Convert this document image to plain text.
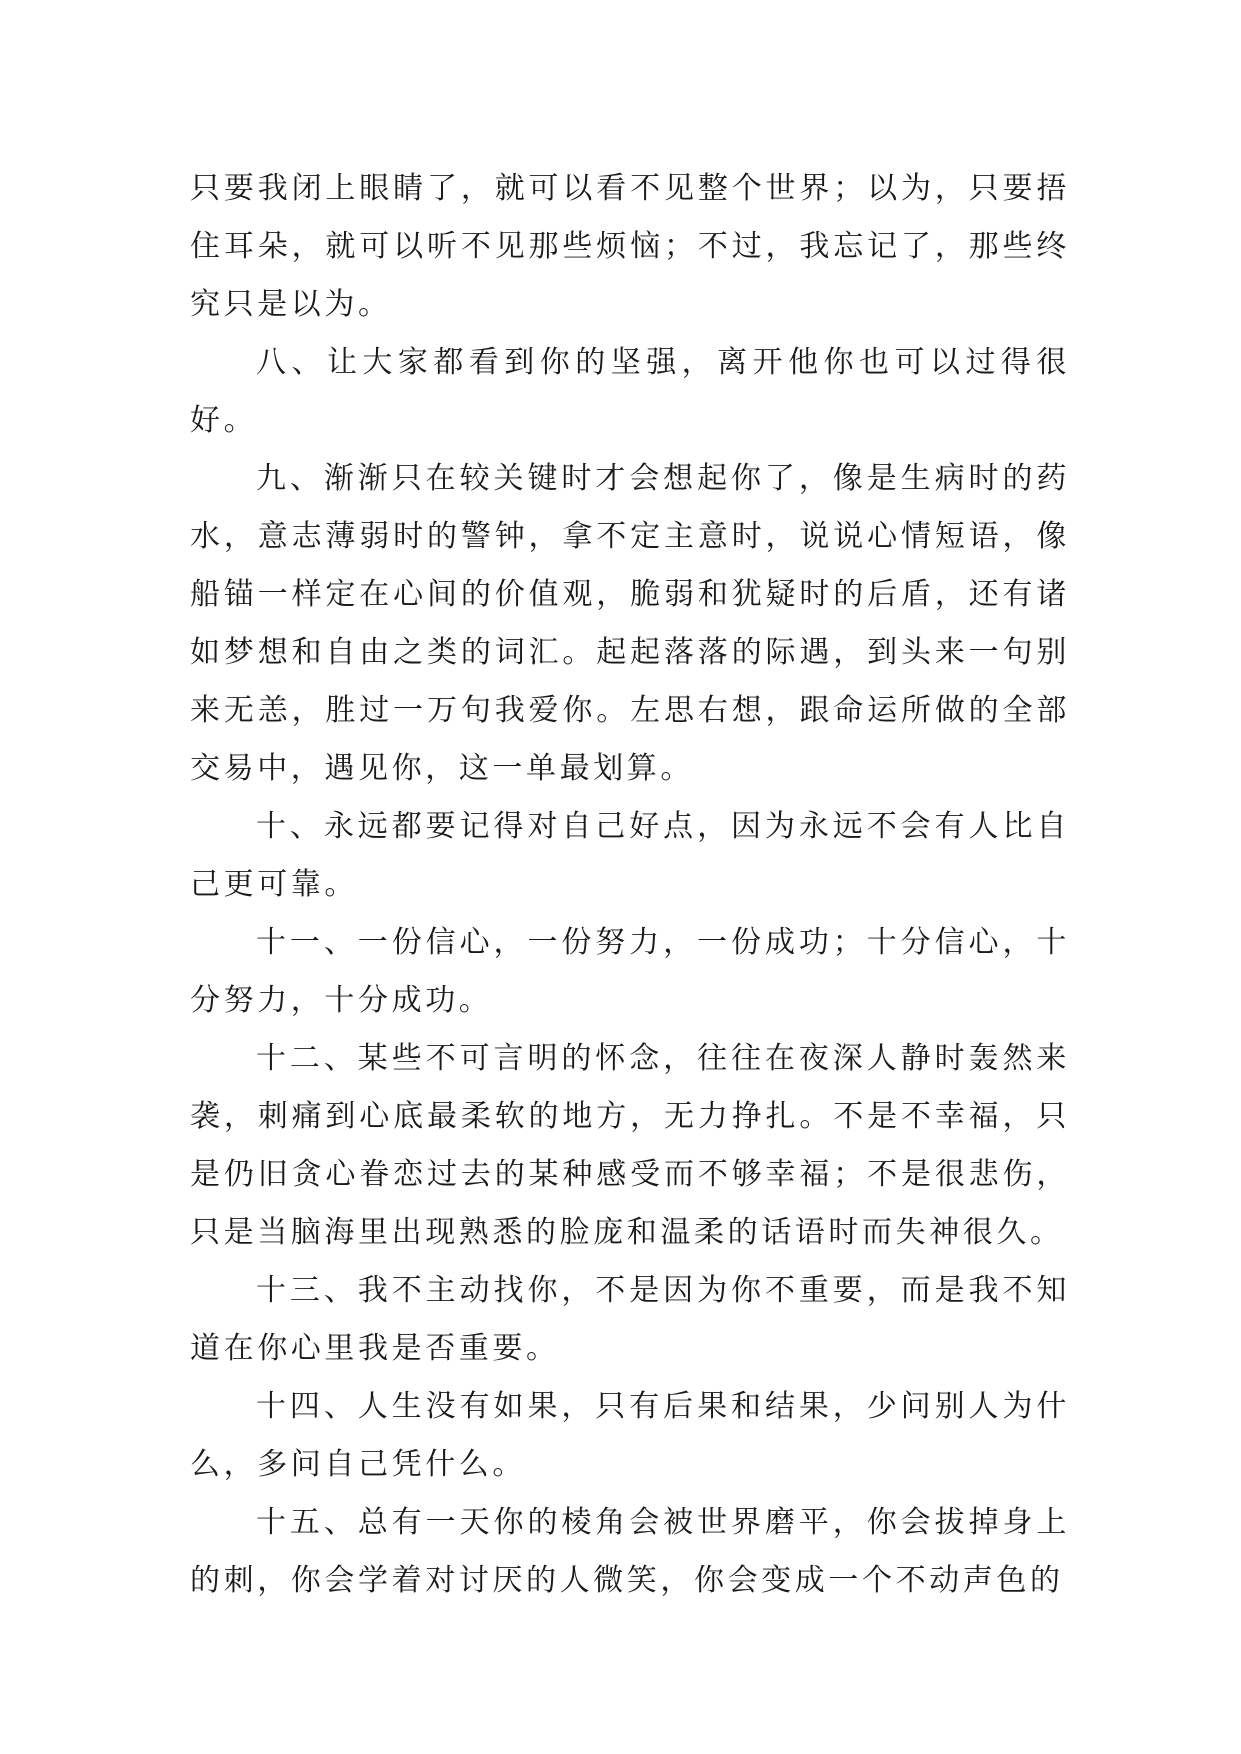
只要我闭上眼睛了，就可以看不见整个世界；以为，只要捂住耳朵，就可以听不见那些烦恼；不过，我忘记了，那些终究只是以为。

八、让大家都看到你的坚强，离开他你也可以过得很好。

九、渐渐只在较关键时才会想起你了，像是生病时的药水，意志薄弱时的警钟，拿不定主意时，说说心情短语，像船锚一样定在心间的价值观，脆弱和犹疑时的后盾，还有诸如梦想和自由之类的词汇。起起落落的际遇，到头来一句别来无恙，胜过一万句我爱你。左思右想，跟命运所做的全部交易中，遇见你，这一单最划算。

十、永远都要记得对自己好点，因为永远不会有人比自己更可靠。

十一、一份信心，一份努力，一份成功；十分信心，十分努力，十分成功。

十二、某些不可言明的怀念，往往在夜深人静时轰然来袭，刺痛到心底最柔软的地方，无力挣扎。不是不幸福，只是仍旧贪心眷恋过去的某种感受而不够幸福；不是很悲伤，只是当脑海里出现熟悉的脸庞和温柔的话语时而失神很久。

十三、我不主动找你，不是因为你不重要，而是我不知道在你心里我是否重要。

十四、人生没有如果，只有后果和结果，少问别人为什么，多问自己凭什么。

十五、总有一天你的棱角会被世界磨平，你会拔掉身上的刺，你会学着对讨厌的人微笑，你会变成一个不动声色的
